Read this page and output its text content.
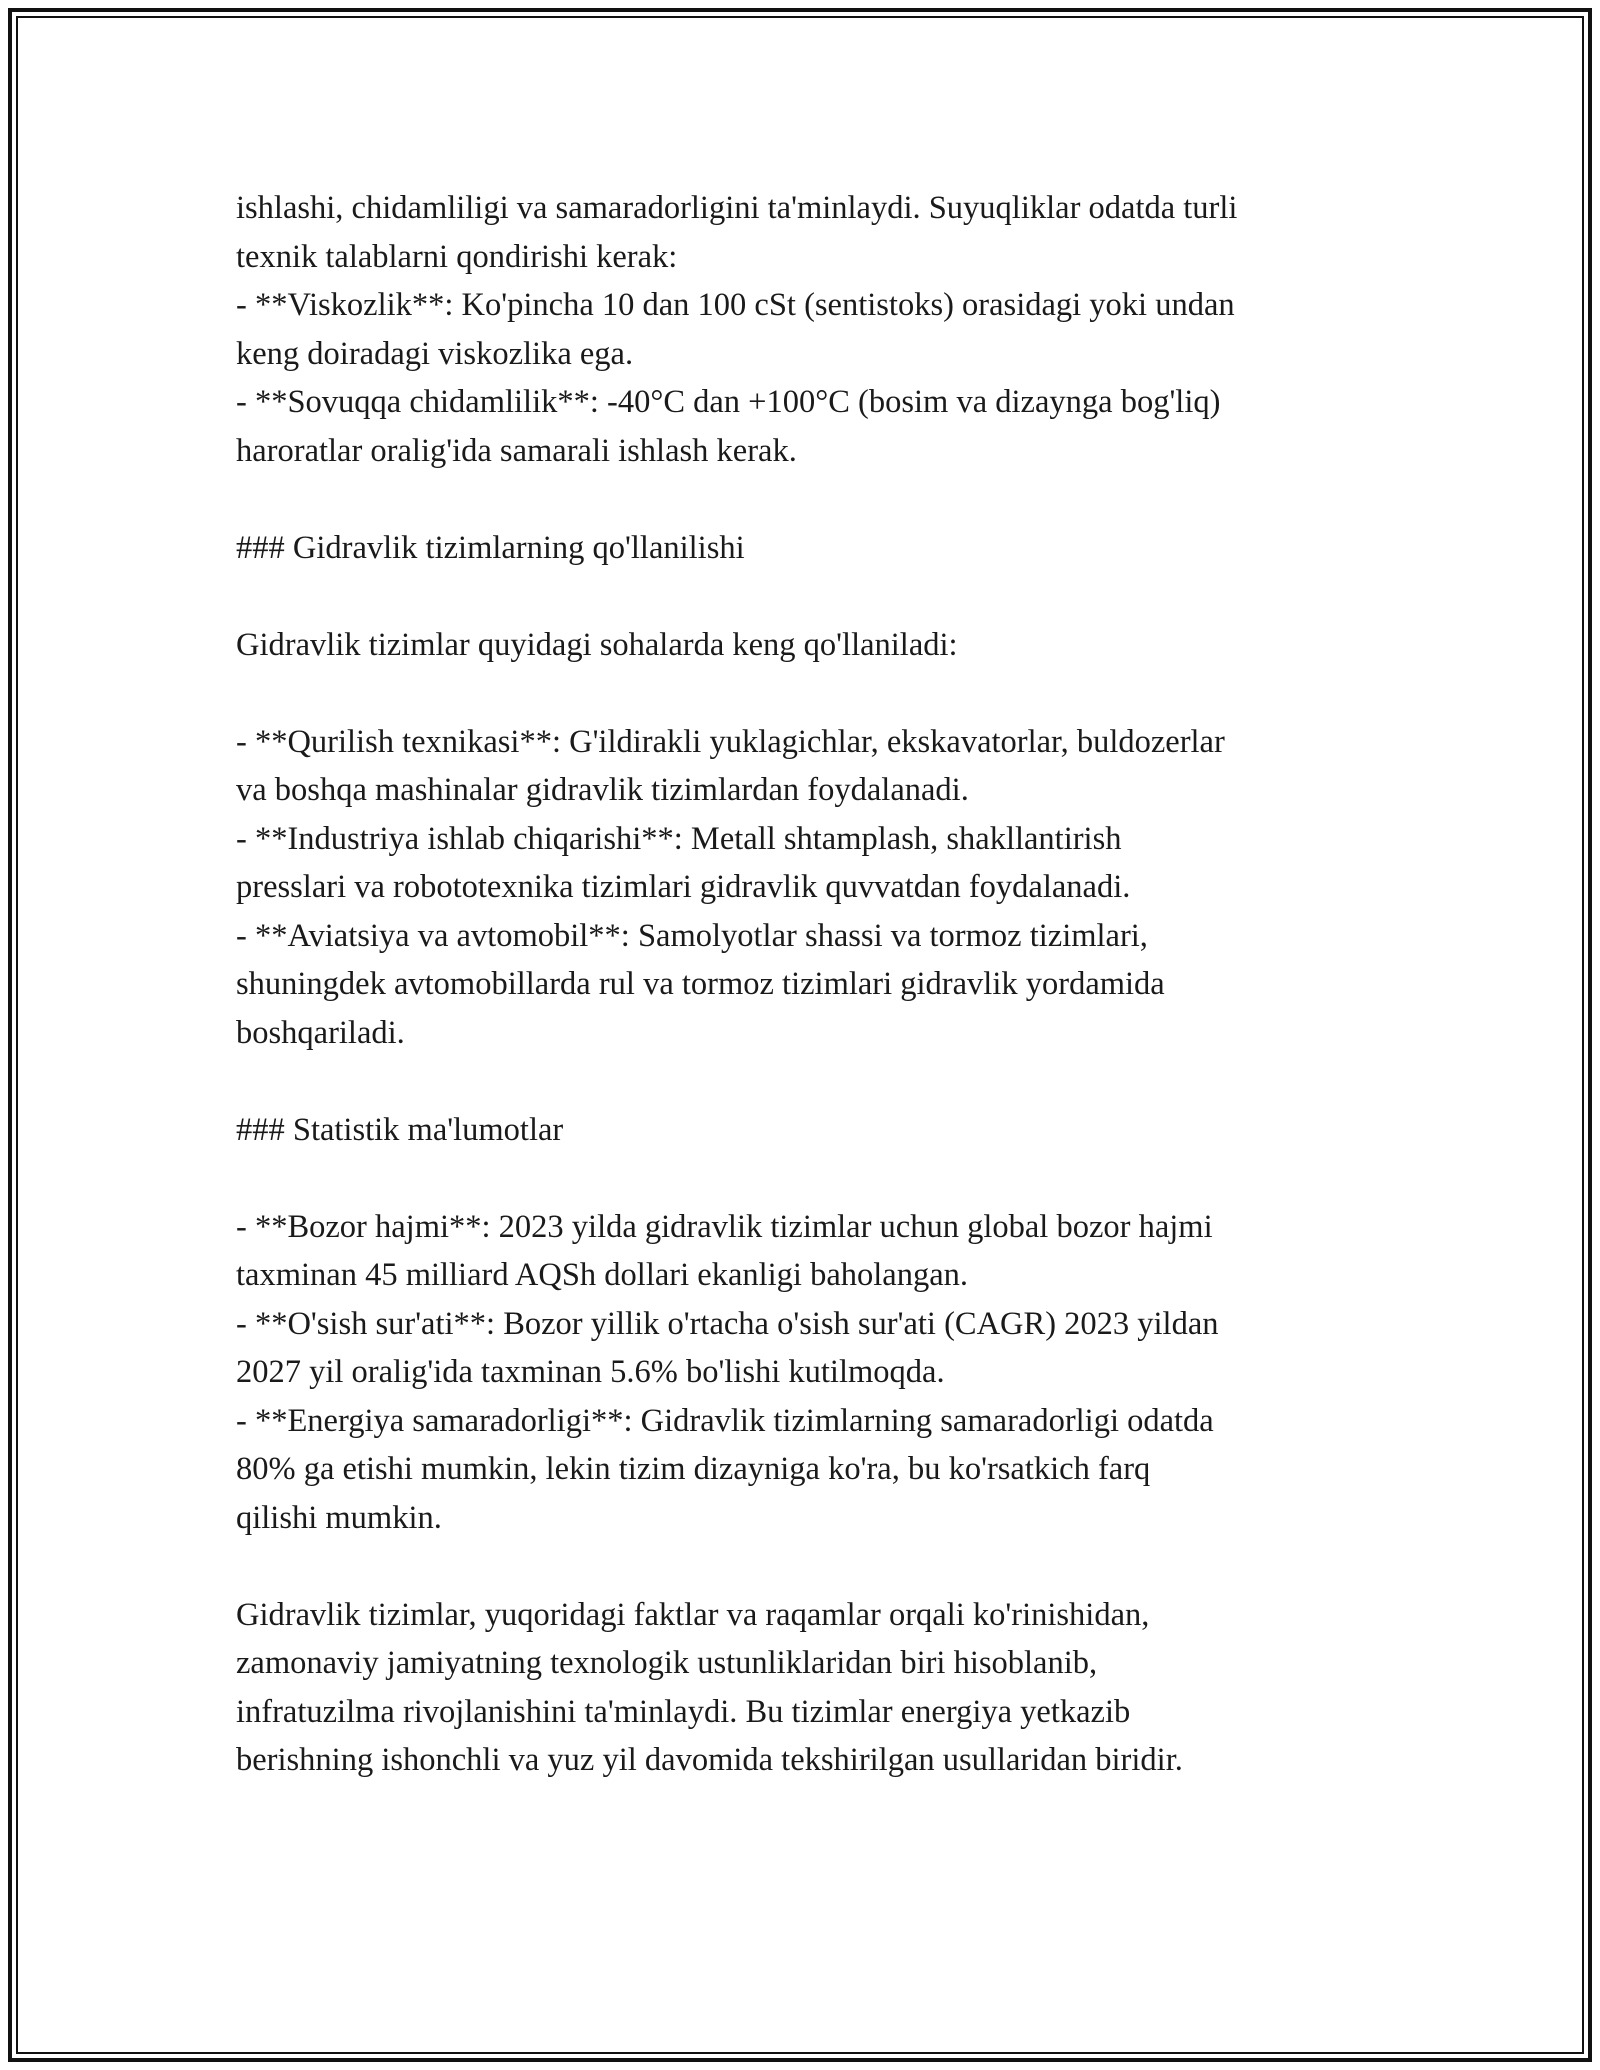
ishlashi, chidamliligi va samaradorligini ta'minlaydi. Suyuqliklar odatda turli
texnik talablarni qondirishi kerak:
- **Viskozlik**: Ko'pincha 10 dan 100 cSt (sentistoks) orasidagi yoki undan
keng doiradagi viskozlika ega.
- **Sovuqqa chidamlilik**: -40°C dan +100°C (bosim va dizaynga bog'liq)
haroratlar oralig'ida samarali ishlash kerak.
### Gidravlik tizimlarning qo'llanilishi
Gidravlik tizimlar quyidagi sohalarda keng qo'llaniladi:
- **Qurilish texnikasi**: G'ildirakli yuklagichlar, ekskavatorlar, buldozerlar
va boshqa mashinalar gidravlik tizimlardan foydalanadi.
- **Industriya ishlab chiqarishi**: Metall shtamplash, shakllantirish
presslari va robototexnika tizimlari gidravlik quvvatdan foydalanadi.
- **Aviatsiya va avtomobil**: Samolyotlar shassi va tormoz tizimlari,
shuningdek avtomobillarda rul va tormoz tizimlari gidravlik yordamida
boshqariladi.
### Statistik ma'lumotlar
- **Bozor hajmi**: 2023 yilda gidravlik tizimlar uchun global bozor hajmi
taxminan 45 milliard AQSh dollari ekanligi baholangan.
- **O'sish sur'ati**: Bozor yillik o'rtacha o'sish sur'ati (CAGR) 2023 yildan
2027 yil oralig'ida taxminan 5.6% bo'lishi kutilmoqda.
- **Energiya samaradorligi**: Gidravlik tizimlarning samaradorligi odatda
80% ga etishi mumkin, lekin tizim dizayniga ko'ra, bu ko'rsatkich farq
qilishi mumkin.
Gidravlik tizimlar, yuqoridagi faktlar va raqamlar orqali ko'rinishidan,
zamonaviy jamiyatning texnologik ustunliklaridan biri hisoblanib,
infratuzilma rivojlanishini ta'minlaydi. Bu tizimlar energiya yetkazib
berishning ishonchli va yuz yil davomida tekshirilgan usullaridan biridir.
